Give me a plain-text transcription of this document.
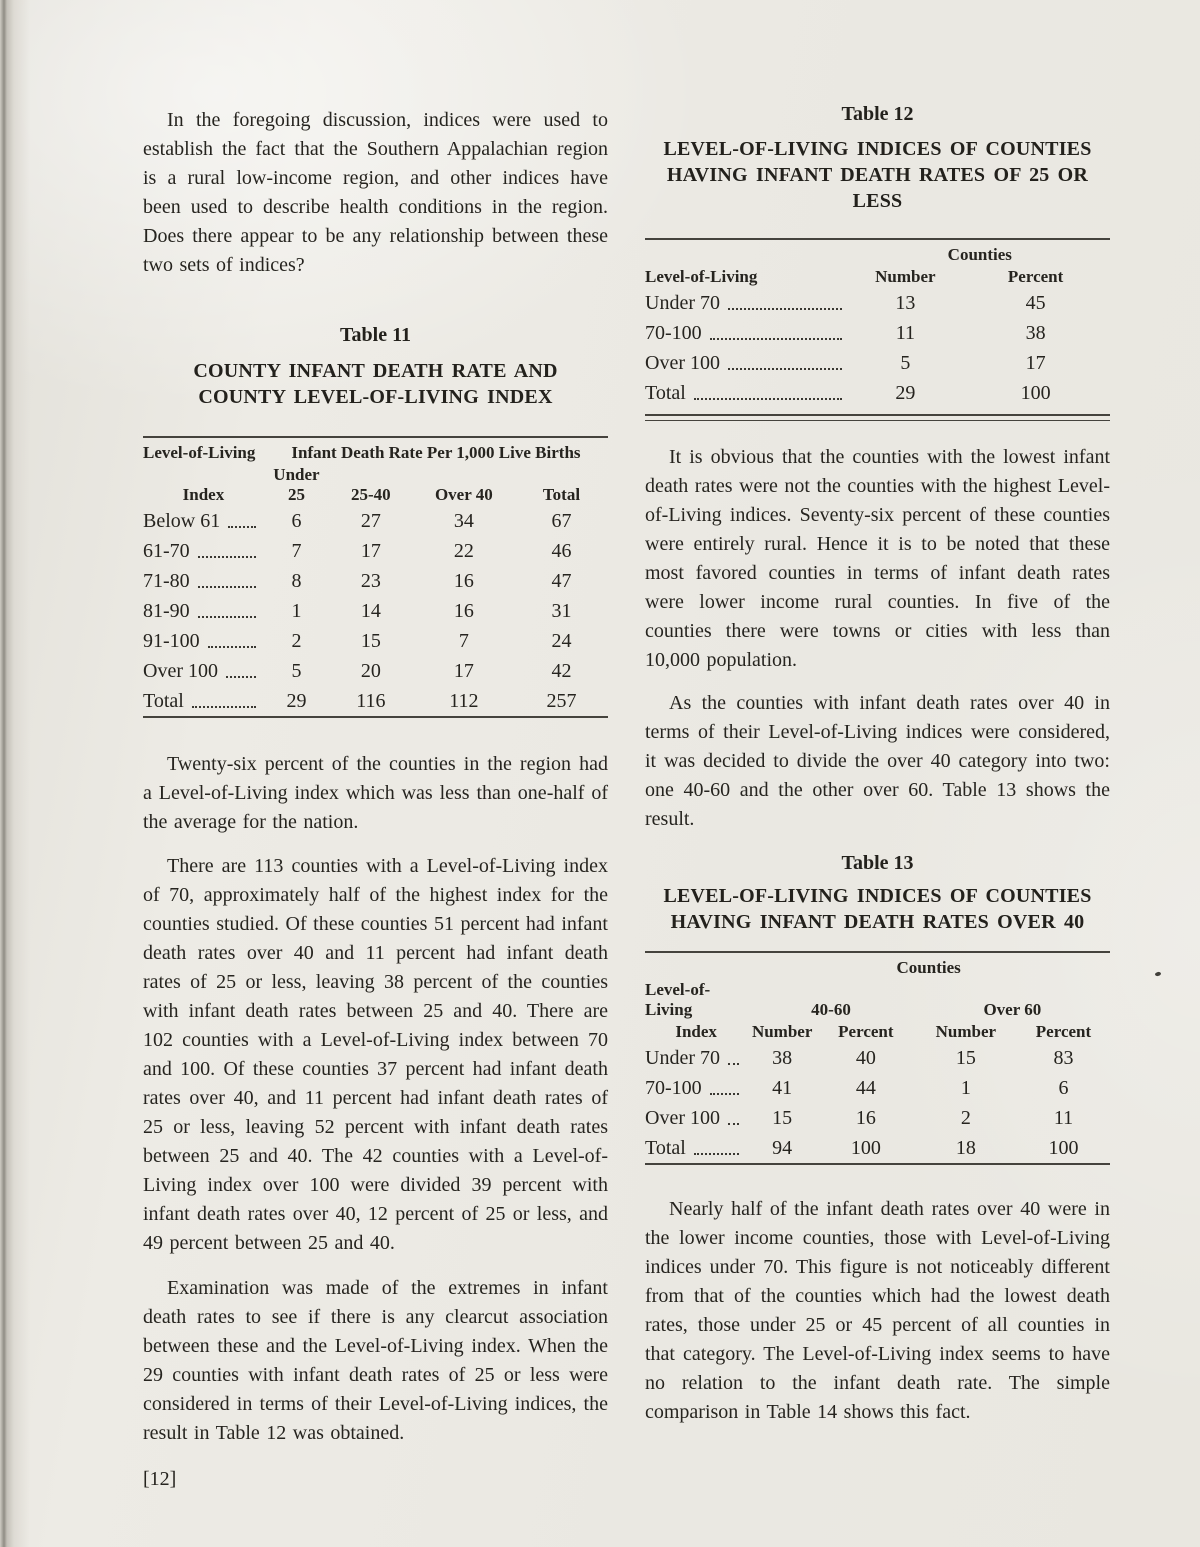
In the foregoing discussion, indices were used to establish the fact that the Southern Appalachian region is a rural low-income region, and other indices have been used to describe health conditions in the region. Does there appear to be any relationship between these two sets of indices?

Table 11
COUNTY INFANT DEATH RATE AND COUNTY LEVEL-OF-LIVING INDEX
Level-of-Living	Infant Death Rate Per 1,000 Live Births			
Index	Under 25	25-40	Over 40	Total

Below 61	6	27	34	67

61-70	7	17	22	46

71-80	8	23	16	47

81-90	1	14	16	31

91-100	2	15	7	24

Over 100	5	20	17	42

Total	29	116	112	257

Twenty-six percent of the counties in the region had a Level-of-Living index which was less than one-half of the average for the nation.

There are 113 counties with a Level-of-Living index of 70, approximately half of the highest index for the counties studied. Of these counties 51 percent had infant death rates over 40 and 11 percent had infant death rates of 25 or less, leaving 38 percent of the counties with infant death rates between 25 and 40. There are 102 counties with a Level-of-Living index between 70 and 100. Of these counties 37 percent had infant death rates over 40, and 11 percent had infant death rates of 25 or less, leaving 52 percent with infant death rates between 25 and 40. The 42 counties with a Level-of-Living index over 100 were divided 39 percent with infant death rates over 40, 12 percent of 25 or less, and 49 percent between 25 and 40.

Examination was made of the extremes in infant death rates to see if there is any clearcut association between these and the Level-of-Living index. When the 29 counties with infant death rates of 25 or less were considered in terms of their Level-of-Living indices, the result in Table 12 was obtained.

[12]
Table 12
LEVEL-OF-LIVING INDICES OF COUNTIES HAVING INFANT DEATH RATES OF 25 OR LESS
	Counties	
Level-of-Living	Number	Percent

Under 70	13	45

70-100	11	38

Over 100	5	17

Total	29	100

It is obvious that the counties with the lowest infant death rates were not the counties with the highest Level-of-Living indices. Seventy-six percent of these counties were entirely rural. Hence it is to be noted that these most favored counties in terms of infant death rates were lower income rural counties. In five of the counties there were towns or cities with less than 10,000 population.

As the counties with infant death rates over 40 in terms of their Level-of-Living indices were considered, it was decided to divide the over 40 category into two: one 40-60 and the other over 60. Table 13 shows the result.

Table 13
LEVEL-OF-LIVING INDICES OF COUNTIES HAVING INFANT DEATH RATES OVER 40
	Counties			
Level-of-Living	40-60		Over 60	
Index	Number	Percent	Number	Percent

Under 70	38	40	15	83

70-100	41	44	1	6

Over 100	15	16	2	11

Total	94	100	18	100

Nearly half of the infant death rates over 40 were in the lower income counties, those with Level-of-Living indices under 70. This figure is not noticeably different from that of the counties which had the lowest death rates, those under 25 or 45 percent of all counties in that category. The Level-of-Living index seems to have no relation to the infant death rate. The simple comparison in Table 14 shows this fact.
